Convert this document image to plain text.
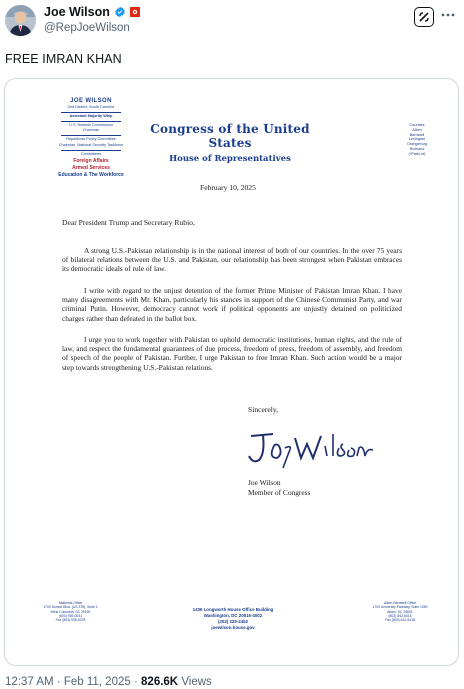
Joe Wilson
@RepJoeWilson
FREE IMRAN KHAN
JOE WILSON
2nd District, South Carolina
Assistant Majority Whip
U.S. Helsinki Commission
Chairman
Republican Policy Committee
Chairman, National Security Taskforce
Committees
Foreign Affairs
Armed Services
Education & The Workforce
Congress of the United States
House of Representatives
Counties
Aiken
Barnwell
Lexington
Orangeburg
Richland
(*Parts of)
February 10, 2025
Dear President Trump and Secretary Rubio,
A strong U.S.-Pakistan relationship is in the national interest of both of our countries. In the over 75 years of bilateral relations between the U.S. and Pakistan, our relationship has been strongest when Pakistan embraces its democratic ideals of rule of law.
I write with regard to the unjust detention of the former Prime Minister of Pakistan Imran Khan. I have many disagreements with Mr. Khan, particularly his stances in support of the Chinese Communist Party, and war criminal Putin. However, democracy cannot work if political opponents are unjustly detained on politicized charges rather than defeated in the ballot box.
I urge you to work together with Pakistan to uphold democratic institutions, human rights, and the rule of law, and respect the fundamental guarantees of due process, freedom of press, freedom of assembly, and freedom of speech of the people of Pakistan. Further, I urge Pakistan to free Imran Khan. Such action would be a major step towards strengthening U.S.-Pakistan relations.
Sincerely,
Joe Wilson
Member of Congress
Midlands Office
1700 Sunset Blvd. (US 378), Suite 1
West Columbia, SC 29169
(803) 939-0041
Fax (803) 939-0078
1436 Longworth House Office Building
Washington, DC 20515-4002
(202) 225-2452
joewilson.house.gov
Aiken-Barnwell Office
1700 University Parkway, Suite 1050
Aiken, SC 29801
(803) 642-6416
Fax (803) 642-6418
12:37 AM · Feb 11, 2025 · 826.6K Views
